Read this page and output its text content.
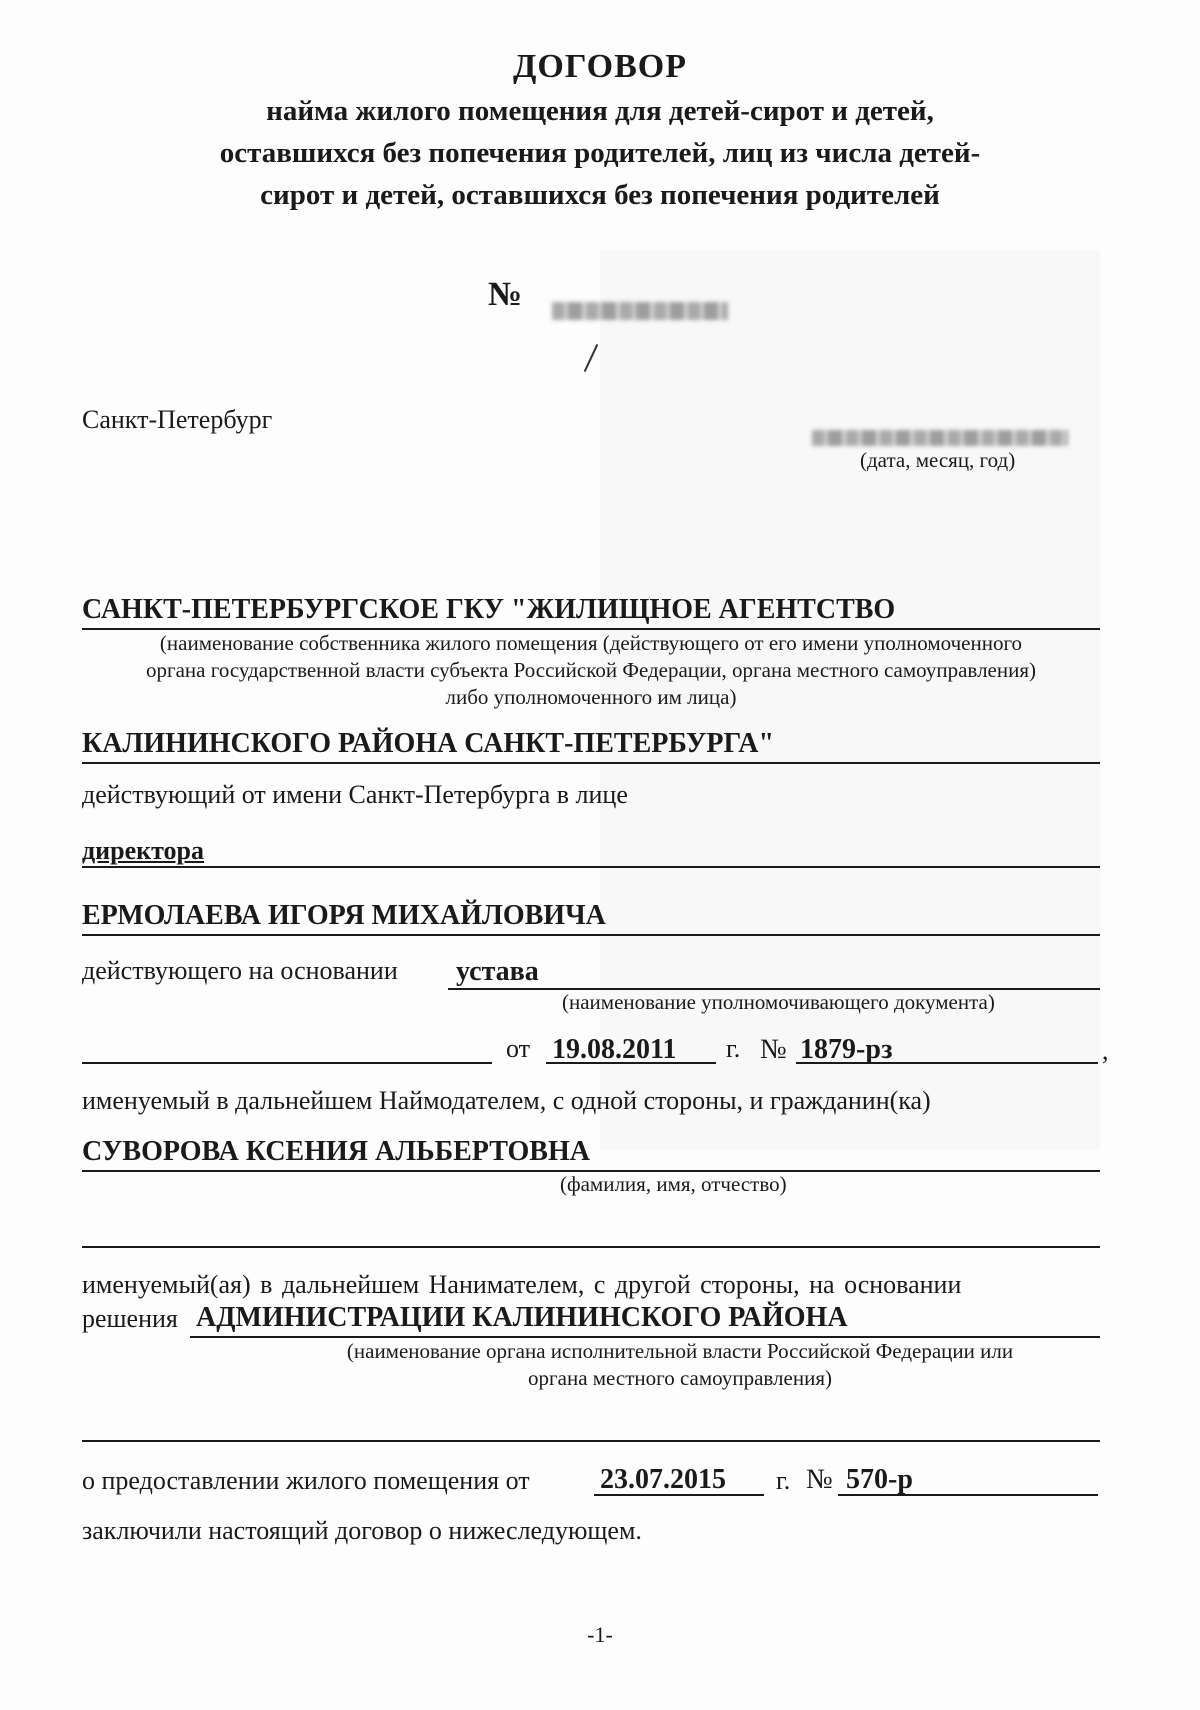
ДОГОВОР
найма жилого помещения для детей-сирот и детей,
оставшихся без попечения родителей, лиц из числа детей-
сирот и детей, оставшихся без попечения родителей
№
Санкт-Петербург
(дата, месяц, год)
САНКТ-ПЕТЕРБУРГСКОЕ ГКУ "ЖИЛИЩНОЕ АГЕНТСТВО
(наименование собственника жилого помещения (действующего от его имени уполномоченного
органа государственной власти субъекта Российской Федерации, органа местного самоуправления)
либо уполномоченного им лица)
КАЛИНИНСКОГО РАЙОНА САНКТ-ПЕТЕРБУРГА"
действующий от имени Санкт-Петербурга в лице
директора
ЕРМОЛАЕВА ИГОРЯ МИХАЙЛОВИЧА
действующего на основании устава
(наименование уполномочивающего документа)
от 19.08.2011 г. № 1879-рз	,
именуемый в дальнейшем Наймодателем, с одной стороны, и гражданин(ка)
СУВОРОВА КСЕНИЯ АЛЬБЕРТОВНА
(фамилия, имя, отчество)
именуемый(ая) в дальнейшем Нанимателем, с другой стороны, на основании
решения АДМИНИСТРАЦИИ КАЛИНИНСКОГО РАЙОНА
(наименование органа исполнительной власти Российской Федерации или
органа местного самоуправления)
о предоставлении жилого помещения от	23.07.2015 г. № 570-р
заключили настоящий договор о нижеследующем.
-1-
